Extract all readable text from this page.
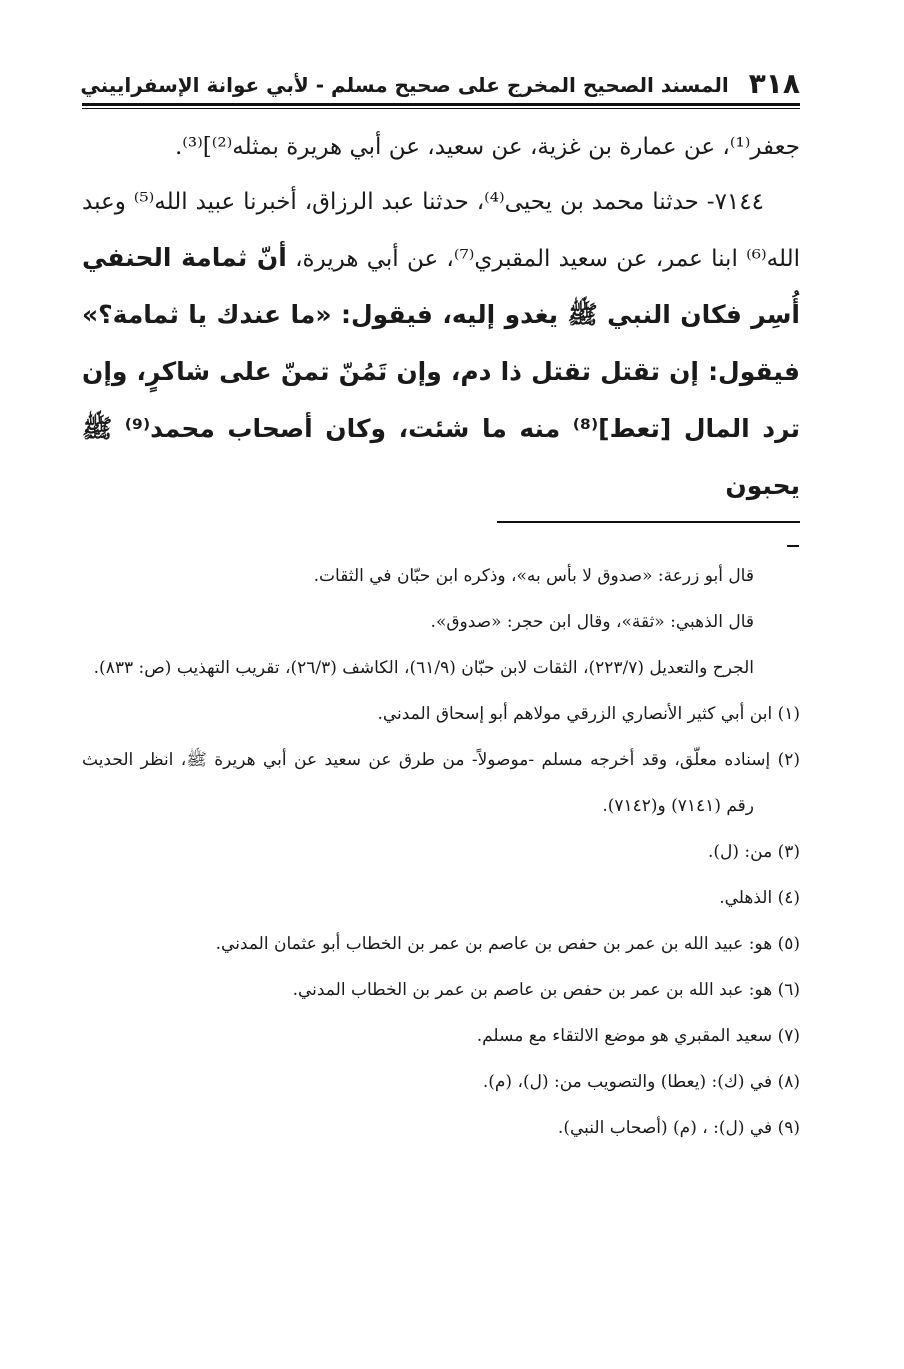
٣١٨
المسند الصحيح المخرج على صحيح مسلم - لأبي عوانة الإسفراييني

جعفر⁽¹⁾، عن عمارة بن غزية، عن سعيد، عن أبي هريرة بمثله⁽²⁾]⁽³⁾.

٧١٤٤- حدثنا محمد بن يحيى⁽⁴⁾، حدثنا عبد الرزاق، أخبرنا عبيد الله⁽⁵⁾ وعبد الله⁽⁶⁾ ابنا عمر، عن سعيد المقبري⁽⁷⁾، عن أبي هريرة، أنّ ثمامة الحنفي أُسِر فكان النبي ﷺ يغدو إليه، فيقول: «ما عندك يا ثمامة؟» فيقول: إن تقتل تقتل ذا دم، وإن تَمُنّ تمنّ على شاكرٍ، وإن ترد المال [تعط]⁽⁸⁾ منه ما شئت، وكان أصحاب محمد⁽⁹⁾ ﷺ يحبون

قال أبو زرعة: «صدوق لا بأس به»، وذكره ابن حبّان في الثقات.

قال الذهبي: «ثقة»، وقال ابن حجر: «صدوق».

الجرح والتعديل (٢٢٣/٧)، الثقات لابن حبّان (٦١/٩)، الكاشف (٢٦/٣)، تقريب التهذيب (ص: ٨٣٣).

(١) ابن أبي كثير الأنصاري الزرقي مولاهم أبو إسحاق المدني.

(٢) إسناده معلّق، وقد أخرجه مسلم -موصولاً- من طرق عن سعيد عن أبي هريرة ﷺ، انظر الحديث رقم (٧١٤١) و(٧١٤٢).

(٣) من: (ل).

(٤) الذهلي.

(٥) هو: عبيد الله بن عمر بن حفص بن عاصم بن عمر بن الخطاب أبو عثمان المدني.

(٦) هو: عبد الله بن عمر بن حفص بن عاصم بن عمر بن الخطاب المدني.

(٧) سعيد المقبري هو موضع الالتقاء مع مسلم.

(٨) في (ك): (يعطا) والتصويب من: (ل)، (م).

(٩) في (ل): ، (م) (أصحاب النبي).
